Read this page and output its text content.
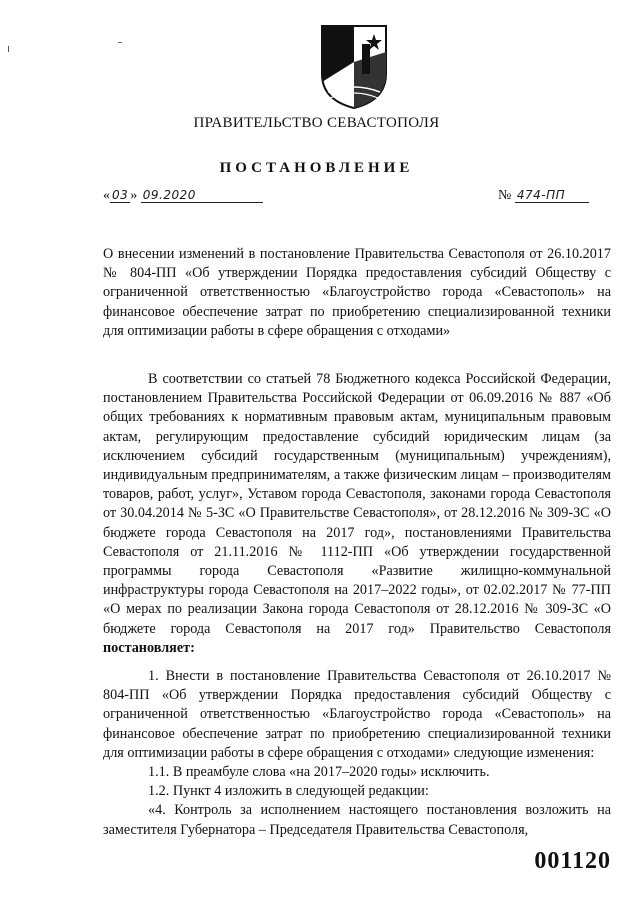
ПРАВИТЕЛЬСТВО СЕВАСТОПОЛЯ
ПОСТАНОВЛЕНИЕ
« 03 » 09.2020	№ 474-ПП
О внесении изменений в постановление Правительства Севастополя от 26.10.2017 № 804-ПП «Об утверждении Порядка предоставления субсидий Обществу с ограниченной ответственностью «Благоустройство города «Севастополь» на финансовое обеспечение затрат по приобретению специализированной техники для оптимизации работы в сфере обращения с отходами»
В соответствии со статьей 78 Бюджетного кодекса Российской Федерации, постановлением Правительства Российской Федерации от 06.09.2016 № 887 «Об общих требованиях к нормативным правовым актам, муниципальным правовым актам, регулирующим предоставление субсидий юридическим лицам (за исключением субсидий государственным (муниципальным) учреждениям), индивидуальным предпринимателям, а также физическим лицам – производителям товаров, работ, услуг», Уставом города Севастополя, законами города Севастополя от 30.04.2014 № 5-ЗС «О Правительстве Севастополя», от 28.12.2016 № 309-ЗС «О бюджете города Севастополя на 2017 год», постановлениями Правительства Севастополя от 21.11.2016 № 1112-ПП «Об утверждении государственной программы города Севастополя «Развитие жилищно-коммунальной инфраструктуры города Севастополя на 2017–2022 годы», от 02.02.2017 № 77-ПП «О мерах по реализации Закона города Севастополя от 28.12.2016 № 309-ЗС «О бюджете города Севастополя на 2017 год» Правительство Севастополя постановляет:
1. Внести в постановление Правительства Севастополя от 26.10.2017 № 804-ПП «Об утверждении Порядка предоставления субсидий Обществу с ограниченной ответственностью «Благоустройство города «Севастополь» на финансовое обеспечение затрат по приобретению специализированной техники для оптимизации работы в сфере обращения с отходами» следующие изменения:
1.1. В преамбуле слова «на 2017–2020 годы» исключить.
1.2. Пункт 4 изложить в следующей редакции:
«4. Контроль за исполнением настоящего постановления возложить на заместителя Губернатора – Председателя Правительства Севастополя,
001120
